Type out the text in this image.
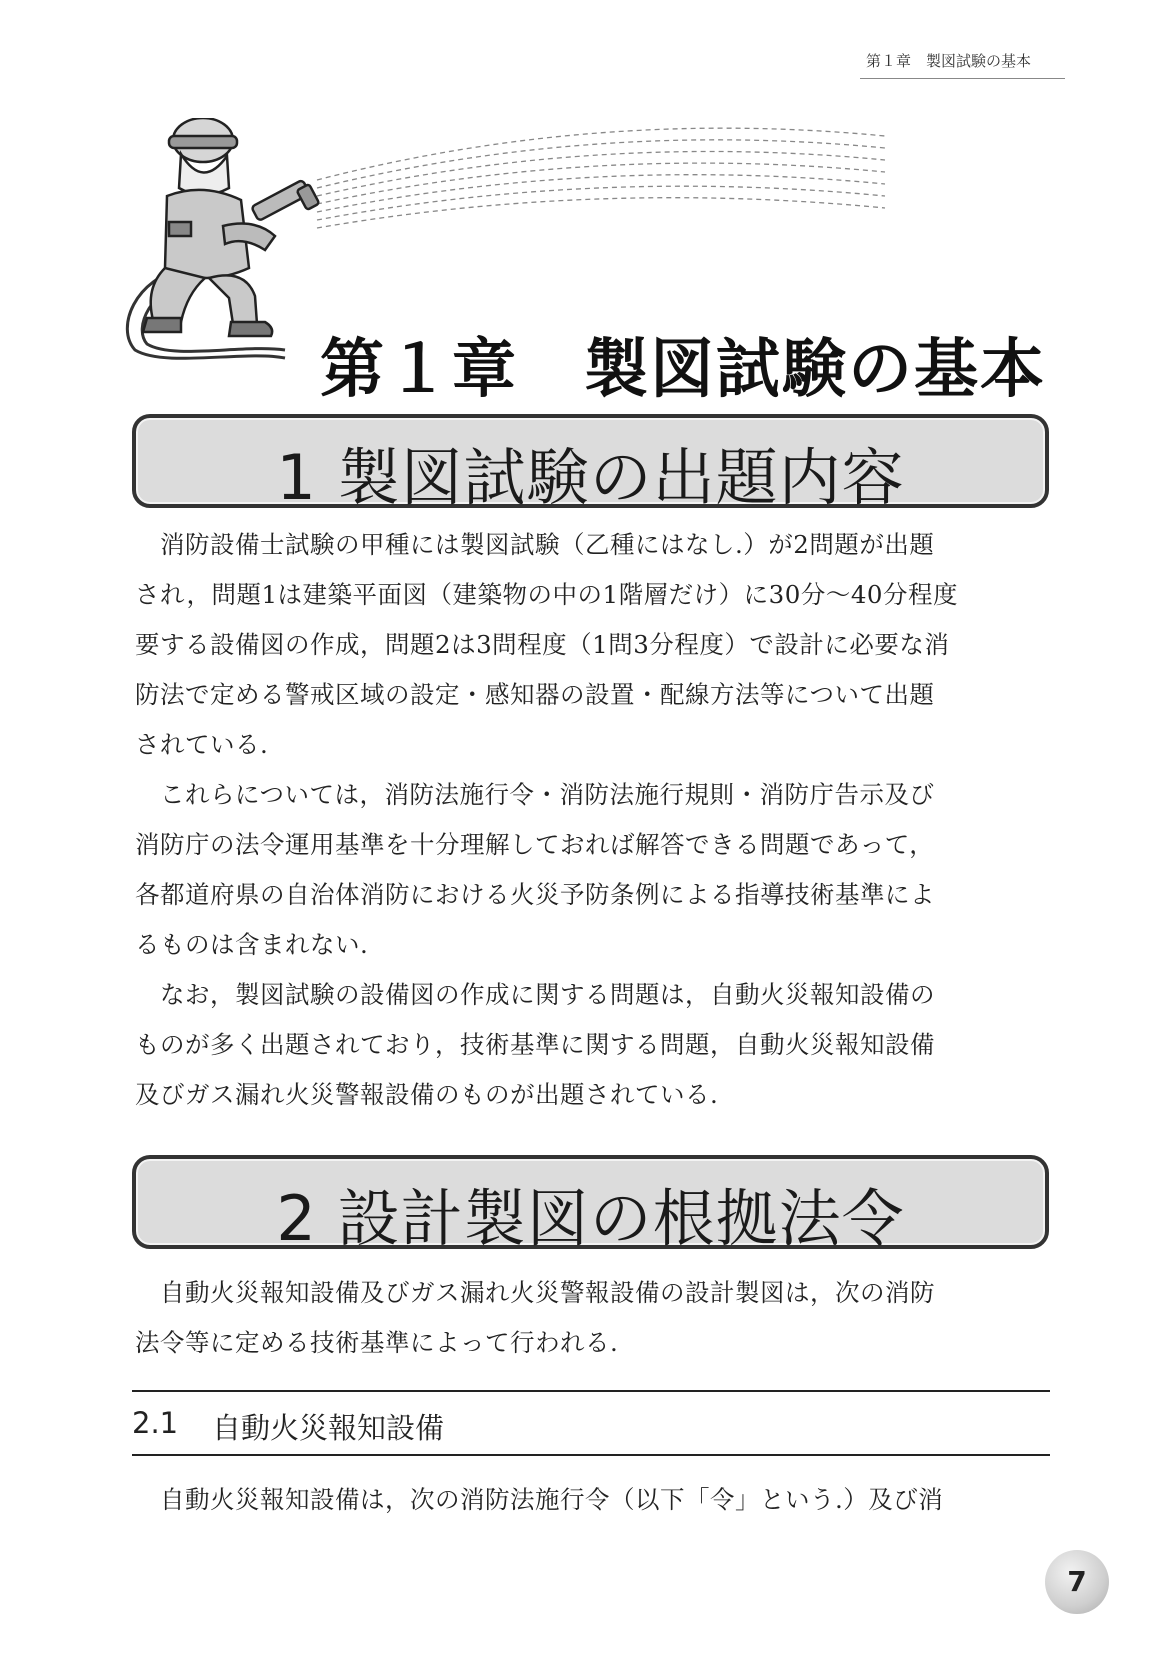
第１章　製図試験の基本
第１章　製図試験の基本
1 製図試験の出題内容
　消防設備士試験の甲種には製図試験（乙種にはなし.）が2問題が出題
され，問題1は建築平面図（建築物の中の1階層だけ）に30分～40分程度
要する設備図の作成，問題2は3問程度（1問3分程度）で設計に必要な消
防法で定める警戒区域の設定・感知器の設置・配線方法等について出題
されている.
　これらについては，消防法施行令・消防法施行規則・消防庁告示及び
消防庁の法令運用基準を十分理解しておれば解答できる問題であって，
各都道府県の自治体消防における火災予防条例による指導技術基準によ
るものは含まれない.
　なお，製図試験の設備図の作成に関する問題は，自動火災報知設備の
ものが多く出題されており，技術基準に関する問題，自動火災報知設備
及びガス漏れ火災警報設備のものが出題されている.
2 設計製図の根拠法令
　自動火災報知設備及びガス漏れ火災警報設備の設計製図は，次の消防
法令等に定める技術基準によって行われる.
2.1 自動火災報知設備
　自動火災報知設備は，次の消防法施行令（以下「令」という.）及び消
7
